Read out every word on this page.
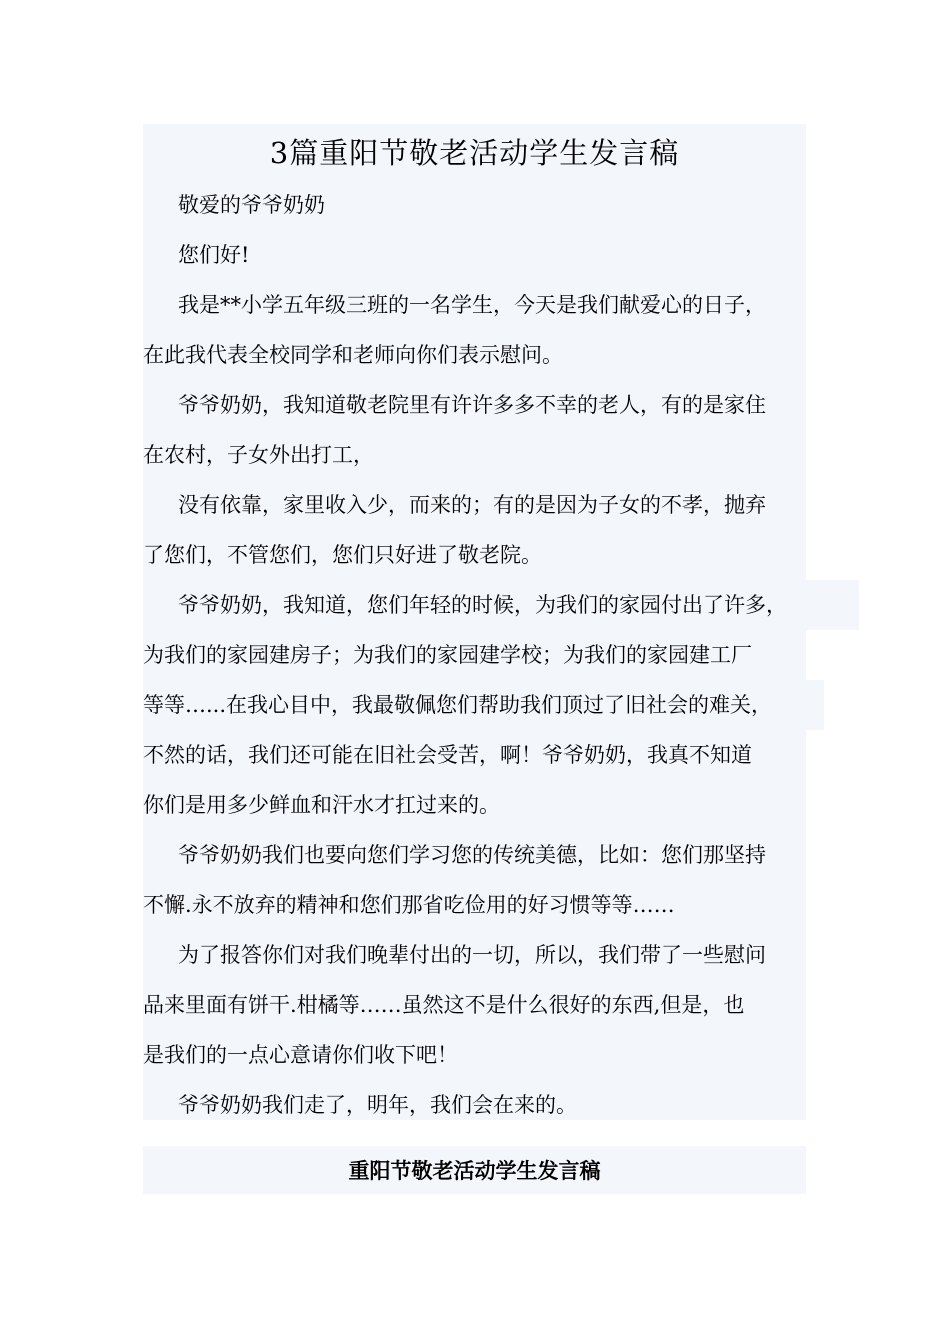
3篇重阳节敬老活动学生发言稿

敬爱的爷爷奶奶

您们好!

我是**小学五年级三班的一名学生，今天是我们献爱心的日子，
在此我代表全校同学和老师向你们表示慰问。
爷爷奶奶，我知道敬老院里有许许多多不幸的老人，有的是家住
在农村，子女外出打工，
没有依靠，家里收入少，而来的；有的是因为子女的不孝，抛弃
了您们，不管您们，您们只好进了敬老院。
爷爷奶奶，我知道，您们年轻的时候，为我们的家园付出了许多，
为我们的家园建房子；为我们的家园建学校；为我们的家园建工厂
等等…...在我心目中，我最敬佩您们帮助我们顶过了旧社会的难关，
不然的话，我们还可能在旧社会受苦，啊！爷爷奶奶，我真不知道
你们是用多少鲜血和汗水才扛过来的。
爷爷奶奶我们也要向您们学习您的传统美德，比如：您们那坚持
不懈.永不放弃的精神和您们那省吃俭用的好习惯等等……
为了报答你们对我们晚辈付出的一切，所以，我们带了一些慰问
品来里面有饼干.柑橘等……虽然这不是什么很好的东西,但是，也
是我们的一点心意请你们收下吧！
爷爷奶奶我们走了，明年，我们会在来的。
重阳节敬老活动学生发言稿
